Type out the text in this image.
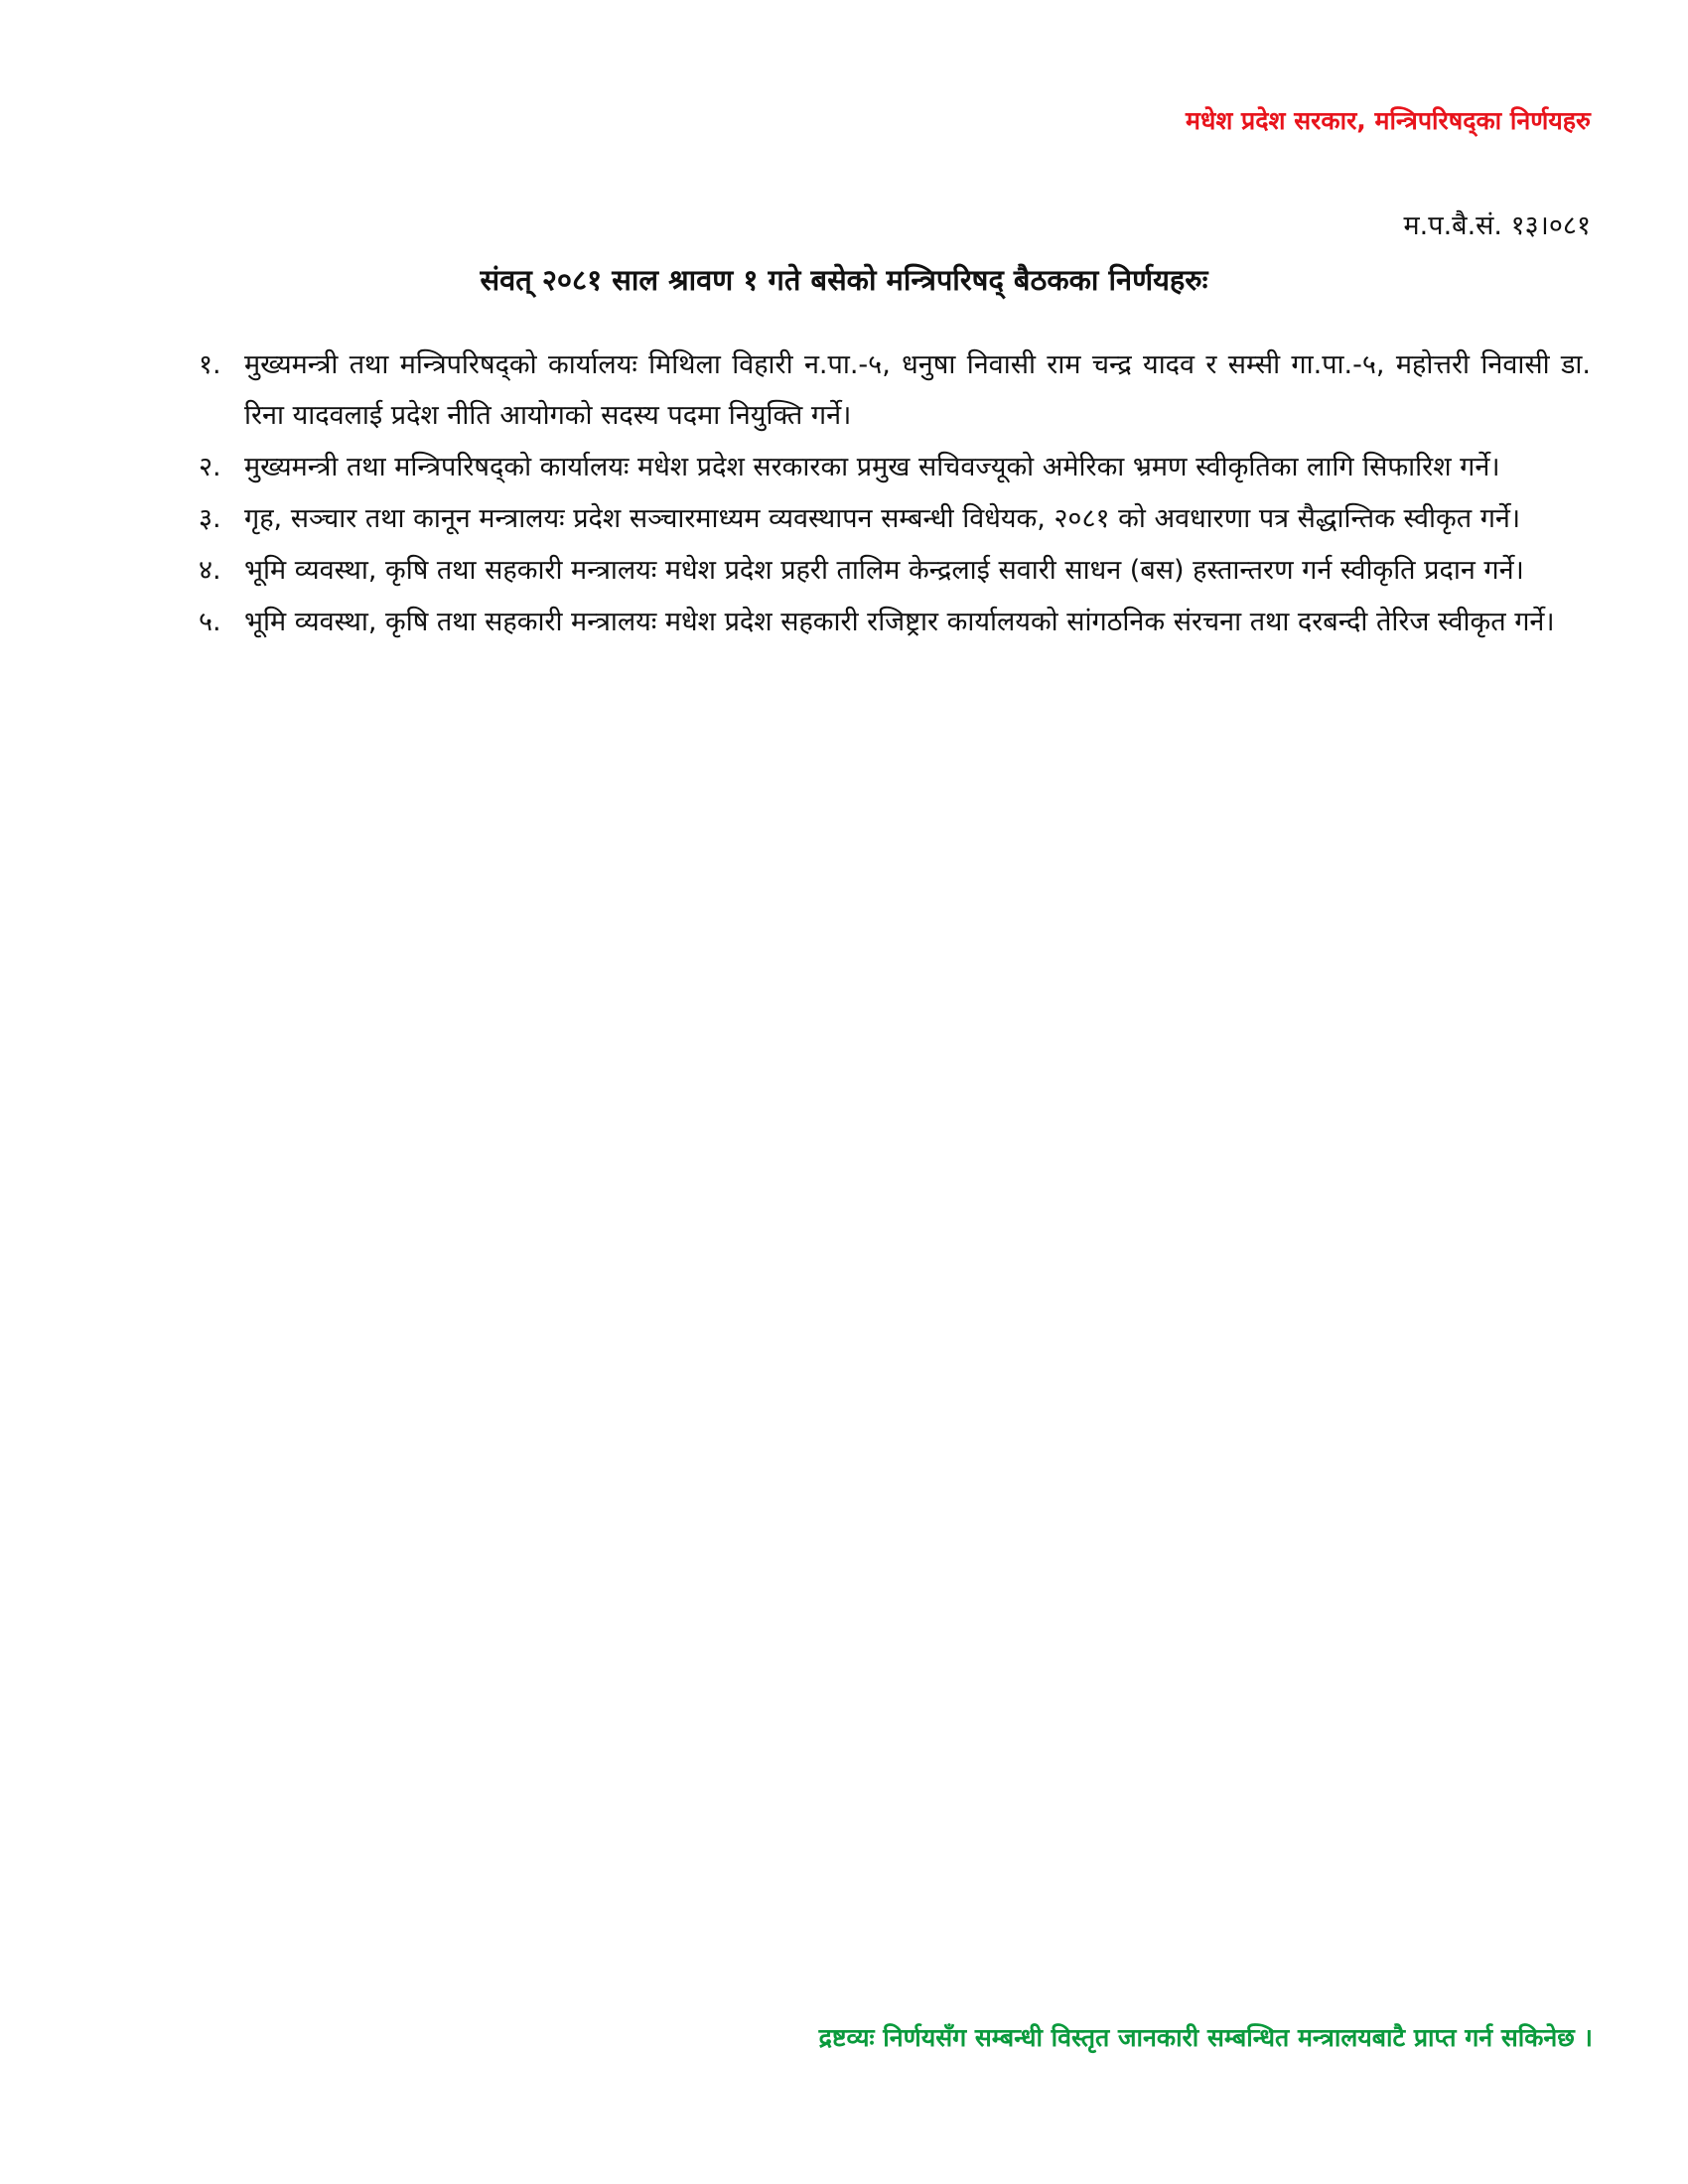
मधेश प्रदेश सरकार, मन्त्रिपरिषद्का निर्णयहरु
म.प.बै.सं. १३।०८१
संवत् २०८१ साल श्रावण १ गते बसेको मन्त्रिपरिषद् बैठकका निर्णयहरुः
१. मुख्यमन्त्री तथा मन्त्रिपरिषद्को कार्यालयः मिथिला विहारी न.पा.-५, धनुषा निवासी राम चन्द्र यादव र सम्सी गा.पा.-५, महोत्तरी निवासी डा. रिना यादवलाई प्रदेश नीति आयोगको सदस्य पदमा नियुक्ति गर्ने।
२. मुख्यमन्त्री तथा मन्त्रिपरिषद्को कार्यालयः मधेश प्रदेश सरकारका प्रमुख सचिवज्यूको अमेरिका भ्रमण स्वीकृतिका लागि सिफारिश गर्ने।
३. गृह, सञ्चार तथा कानून मन्त्रालयः प्रदेश सञ्चारमाध्यम व्यवस्थापन सम्बन्धी विधेयक, २०८१ को अवधारणा पत्र सैद्धान्तिक स्वीकृत गर्ने।
४. भूमि व्यवस्था, कृषि तथा सहकारी मन्त्रालयः मधेश प्रदेश प्रहरी तालिम केन्द्रलाई सवारी साधन (बस) हस्तान्तरण गर्न स्वीकृति प्रदान गर्ने।
५. भूमि व्यवस्था, कृषि तथा सहकारी मन्त्रालयः मधेश प्रदेश सहकारी रजिष्ट्रार कार्यालयको सांगठनिक संरचना तथा दरबन्दी तेरिज स्वीकृत गर्ने।
द्रष्टव्यः निर्णयसँग सम्बन्धी विस्तृत जानकारी सम्बन्धित मन्त्रालयबाटै प्राप्त गर्न सकिनेछ ।
